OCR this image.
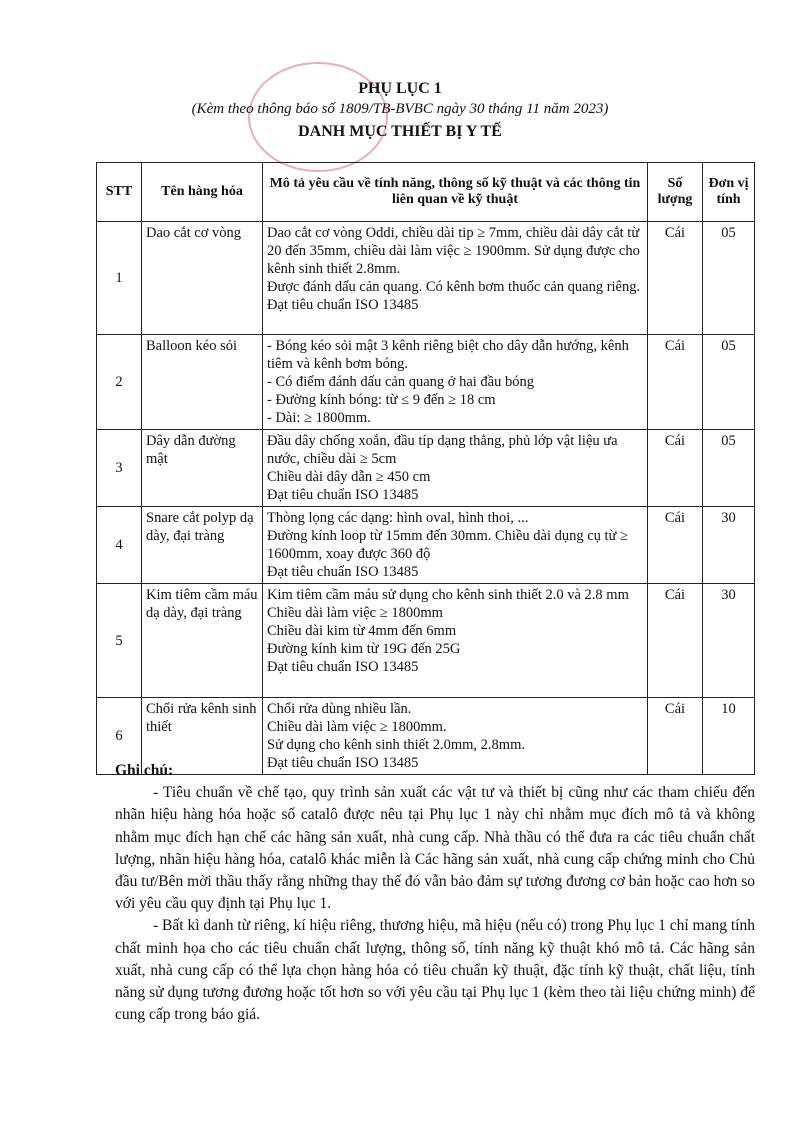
PHỤ LỤC 1
(Kèm theo thông báo số 1809/TB-BVBC ngày 30 tháng 11 năm 2023)
DANH MỤC THIẾT BỊ Y TẾ
STT	Tên hàng hóa	Mô tả yêu cầu về tính năng, thông số kỹ thuật và các thông tin liên quan về kỹ thuật	Số lượng	Đơn vị tính
1	Dao cắt cơ vòng	Dao cắt cơ vòng Oddi, chiều dài tip ≥ 7mm, chiều dài dây cắt từ 20 đến 35mm, chiều dài làm việc ≥ 1900mm. Sử dụng được cho kênh sinh thiết 2.8mm.
Được đánh dấu cản quang. Có kênh bơm thuốc cản quang riêng.
Đạt tiêu chuẩn ISO 13485	Cái	05
2	Balloon kéo sỏi	- Bóng kéo sỏi mật 3 kênh riêng biệt cho dây dẫn hướng, kênh tiêm và kênh bơm bóng.
- Có điểm đánh dấu cản quang ở hai đầu bóng
- Đường kính bóng: từ ≤ 9 đến ≥ 18 cm
- Dài: ≥ 1800mm.	Cái	05
3	Dây dẫn đường mật	Đầu dây chống xoắn, đầu típ dạng thẳng, phủ lớp vật liệu ưa nước, chiều dài ≥ 5cm
Chiều dài dây dẫn ≥ 450 cm
Đạt tiêu chuẩn ISO 13485	Cái	05
4	Snare cắt polyp dạ dày, đại tràng	Thòng lọng các dạng: hình oval, hình thoi, ...
Đường kính loop từ 15mm đến 30mm. Chiều dài dụng cụ từ ≥ 1600mm, xoay được 360 độ
Đạt tiêu chuẩn ISO 13485	Cái	30
5	Kim tiêm cầm máu dạ dày, đại tràng	Kim tiêm cầm máu sử dụng cho kênh sinh thiết 2.0 và 2.8 mm
Chiều dài làm việc ≥ 1800mm
Chiều dài kim từ 4mm đến 6mm
Đường kính kim từ 19G đến 25G
Đạt tiêu chuẩn ISO 13485	Cái	30
6	Chổi rửa kênh sinh thiết	Chổi rửa dùng nhiều lần.
Chiều dài làm việc ≥ 1800mm.
Sử dụng cho kênh sinh thiết 2.0mm, 2.8mm.
Đạt tiêu chuẩn ISO 13485	Cái	10
Ghi chú:

- Tiêu chuẩn về chế tạo, quy trình sản xuất các vật tư và thiết bị cũng như các tham chiếu đến nhãn hiệu hàng hóa hoặc số catalô được nêu tại Phụ lục 1 này chỉ nhằm mục đích mô tả và không nhằm mục đích hạn chế các hãng sản xuất, nhà cung cấp. Nhà thầu có thể đưa ra các tiêu chuẩn chất lượng, nhãn hiệu hàng hóa, catalô khác miễn là Các hãng sản xuất, nhà cung cấp chứng minh cho Chủ đầu tư/Bên mời thầu thấy rằng những thay thế đó vẫn bảo đảm sự tương đương cơ bản hoặc cao hơn so với yêu cầu quy định tại Phụ lục 1.

- Bất kì danh từ riêng, kí hiệu riêng, thương hiệu, mã hiệu (nếu có) trong Phụ lục 1 chỉ mang tính chất minh họa cho các tiêu chuẩn chất lượng, thông số, tính năng kỹ thuật khó mô tả. Các hãng sản xuất, nhà cung cấp có thể lựa chọn hàng hóa có tiêu chuẩn kỹ thuật, đặc tính kỹ thuật, chất liệu, tính năng sử dụng tương đương hoặc tốt hơn so với yêu cầu tại Phụ lục 1 (kèm theo tài liệu chứng minh) để cung cấp trong báo giá.
